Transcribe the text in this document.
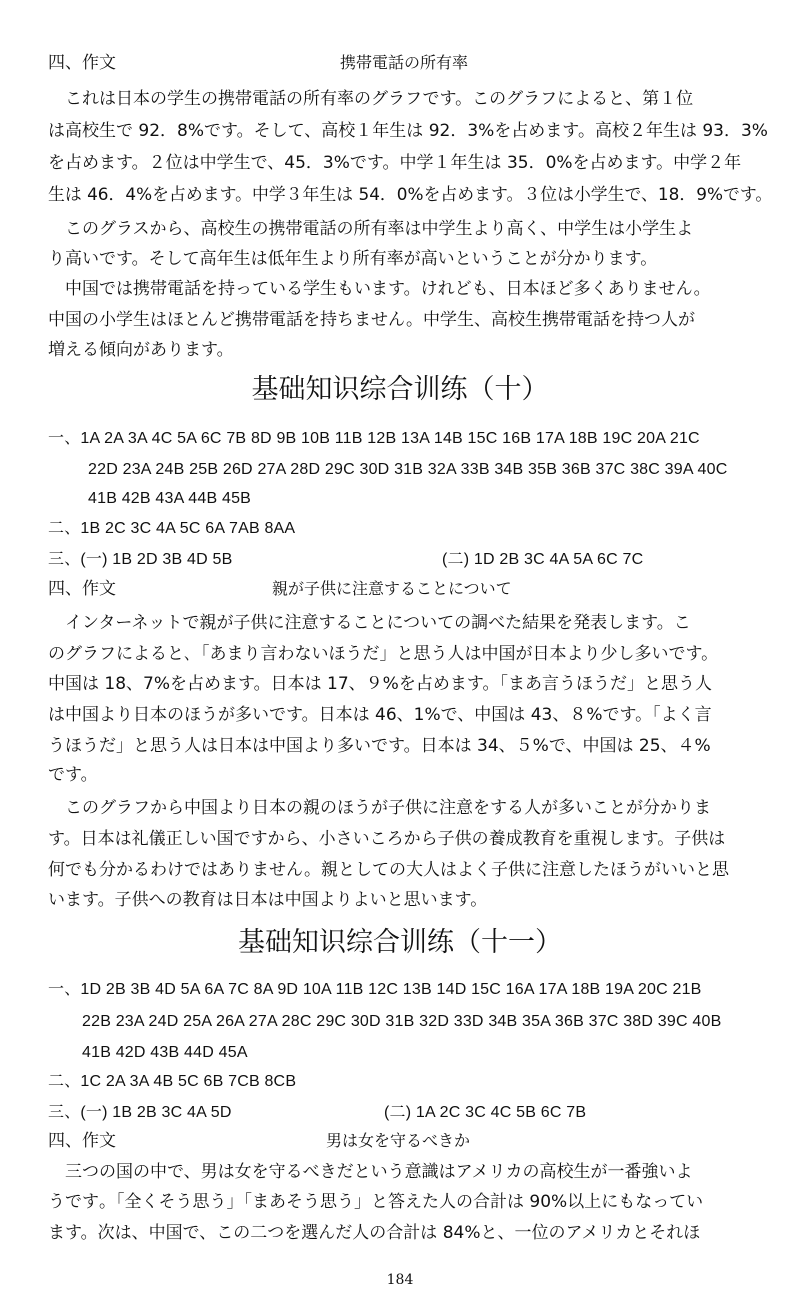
四、作文	携帯電話の所有率
　これは日本の学生の携帯電話の所有率のグラフです。このグラフによると、第１位
は高校生で 92．8%です。そして、高校１年生は 92．3%を占めます。高校２年生は 93．3%
を占めます。２位は中学生で、45．3%です。中学１年生は 35．0%を占めます。中学２年
生は 46．4%を占めます。中学３年生は 54．0%を占めます。３位は小学生で、18．9%です。
　このグラスから、高校生の携帯電話の所有率は中学生より高く、中学生は小学生よ
り高いです。そして高年生は低年生より所有率が高いということが分かります。
　中国では携帯電話を持っている学生もいます。けれども、日本ほど多くありません。
中国の小学生はほとんど携帯電話を持ちません。中学生、高校生携帯電話を持つ人が
増える傾向があります。
基础知识综合训练（十）
一、1A 2A 3A 4C 5A 6C 7B 8D 9B 10B 11B 12B 13A 14B 15C 16B 17A 18B 19C 20A 21C
22D 23A 24B 25B 26D 27A 28D 29C 30D 31B 32A 33B 34B 35B 36B 37C 38C 39A 40C
41B 42B 43A 44B 45B
二、1B 2C 3C 4A 5C 6A 7AB 8AA
三、(一) 1B 2D 3B 4D 5B	(二) 1D 2B 3C 4A 5A 6C 7C
四、作文	親が子供に注意することについて
　インターネットで親が子供に注意することについての調べた結果を発表します。こ
のグラフによると､「あまり言わないほうだ」と思う人は中国が日本より少し多いです。
中国は 18、7%を占めます。日本は 17、９%を占めます。「まあ言うほうだ」と思う人
は中国より日本のほうが多いです。日本は 46、1%で、中国は 43、８%です。「よく言
うほうだ」と思う人は日本は中国より多いです。日本は 34、５%で、中国は 25、４%
です。
　このグラフから中国より日本の親のほうが子供に注意をする人が多いことが分かりま
す。日本は礼儀正しい国ですから、小さいころから子供の養成教育を重視します。子供は
何でも分かるわけではありません。親としての大人はよく子供に注意したほうがいいと思
います。子供への教育は日本は中国よりよいと思います。
基础知识综合训练（十一）
一、1D 2B 3B 4D 5A 6A 7C 8A 9D 10A 11B 12C 13B 14D 15C 16A 17A 18B 19A 20C 21B
22B 23A 24D 25A 26A 27A 28C 29C 30D 31B 32D 33D 34B 35A 36B 37C 38D 39C 40B
41B 42D 43B 44D 45A
二、1C 2A 3A 4B 5C 6B 7CB 8CB
三、(一) 1B 2B 3C 4A 5D	(二) 1A 2C 3C 4C 5B 6C 7B
四、作文	男は女を守るべきか
　三つの国の中で、男は女を守るべきだという意識はアメリカの高校生が一番強いよ
うです｡「全くそう思う」「まあそう思う」と答えた人の合計は 90%以上にもなってい
ます。次は、中国で、この二つを選んだ人の合計は 84%と、一位のアメリカとそれほ
184
